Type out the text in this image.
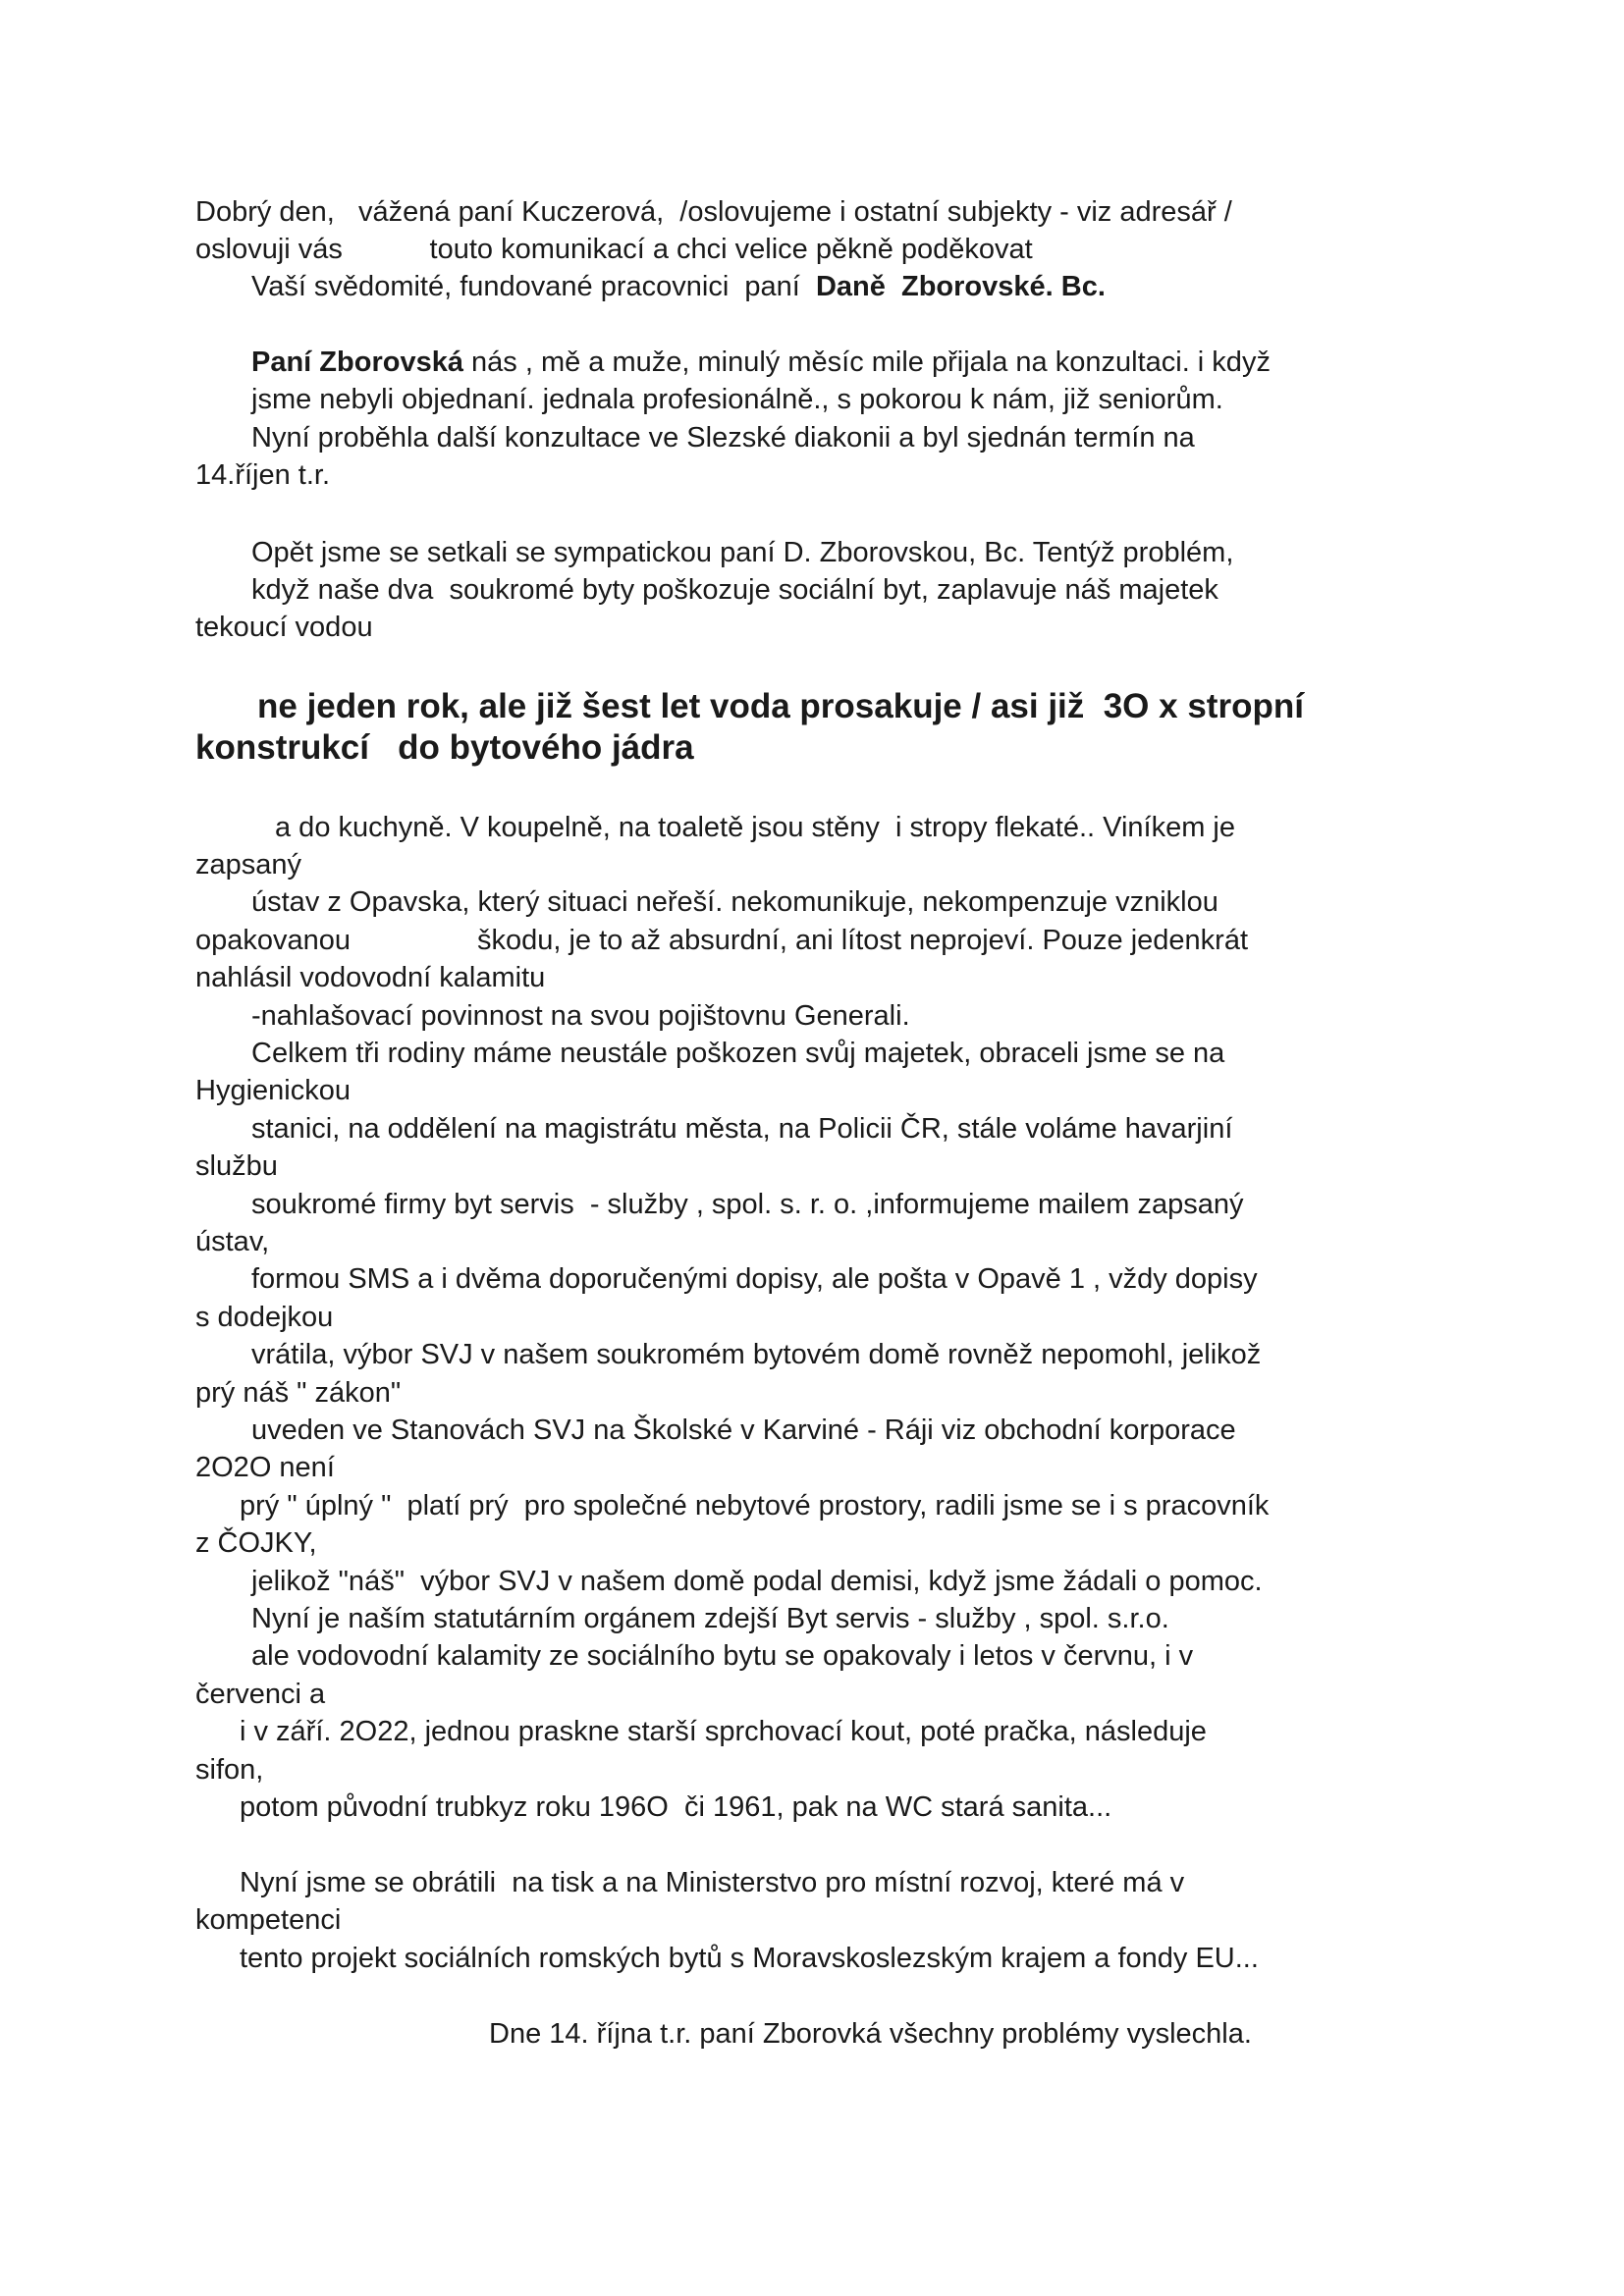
Dobrý den,   vážená paní Kuczerová,  /oslovujeme i ostatní subjekty - viz adresář /

oslovuji vás           touto komunikací a chci velice pěkně poděkovat

Vaší svědomité, fundované pracovnici  paní  Daně  Zborovské. Bc.

Paní Zborovská nás , mě a muže, minulý měsíc mile přijala na konzultaci. i když

jsme nebyli objednaní. jednala profesionálně., s pokorou k nám, již seniorům.

Nyní proběhla další konzultace ve Slezské diakonii a byl sjednán termín na

14.říjen t.r.

Opět jsme se setkali se sympatickou paní D. Zborovskou, Bc. Tentýž problém,

když naše dva  soukromé byty poškozuje sociální byt, zaplavuje náš majetek

tekoucí vodou

ne jeden rok, ale již šest let voda prosakuje / asi již  3O x stropní

konstrukcí   do bytového jádra

a do kuchyně. V koupelně, na toaletě jsou stěny  i stropy flekaté.. Viníkem je

zapsaný

ústav z Opavska, který situaci neřeší. nekomunikuje, nekompenzuje vzniklou

opakovanou                škodu, je to až absurdní, ani lítost neprojeví. Pouze jedenkrát

nahlásil vodovodní kalamitu

-nahlašovací povinnost na svou pojištovnu Generali.

Celkem tři rodiny máme neustále poškozen svůj majetek, obraceli jsme se na

Hygienickou

stanici, na oddělení na magistrátu města, na Policii ČR, stále voláme havarjiní

službu

soukromé firmy byt servis  - služby , spol. s. r. o. ,informujeme mailem zapsaný

ústav,

formou SMS a i dvěma doporučenými dopisy, ale pošta v Opavě 1 , vždy dopisy

s dodejkou

vrátila, výbor SVJ v našem soukromém bytovém domě rovněž nepomohl, jelikož

prý náš " zákon"

uveden ve Stanovách SVJ na Školské v Karviné - Ráji viz obchodní korporace

2O2O není

prý " úplný "  platí prý  pro společné nebytové prostory, radili jsme se i s pracovník

z ČOJKY,

jelikož "náš"  výbor SVJ v našem domě podal demisi, když jsme žádali o pomoc.

Nyní je naším statutárním orgánem zdejší Byt servis - služby , spol. s.r.o.

ale vodovodní kalamity ze sociálního bytu se opakovaly i letos v červnu, i v

červenci a

i v září. 2O22, jednou praskne starší sprchovací kout, poté pračka, následuje

sifon,

potom původní trubkyz roku 196O  či 1961, pak na WC stará sanita...

Nyní jsme se obrátili  na tisk a na Ministerstvo pro místní rozvoj, které má v

kompetenci

tento projekt sociálních romských bytů s Moravskoslezským krajem a fondy EU...

Dne 14. října t.r. paní Zborovká všechny problémy vyslechla.
